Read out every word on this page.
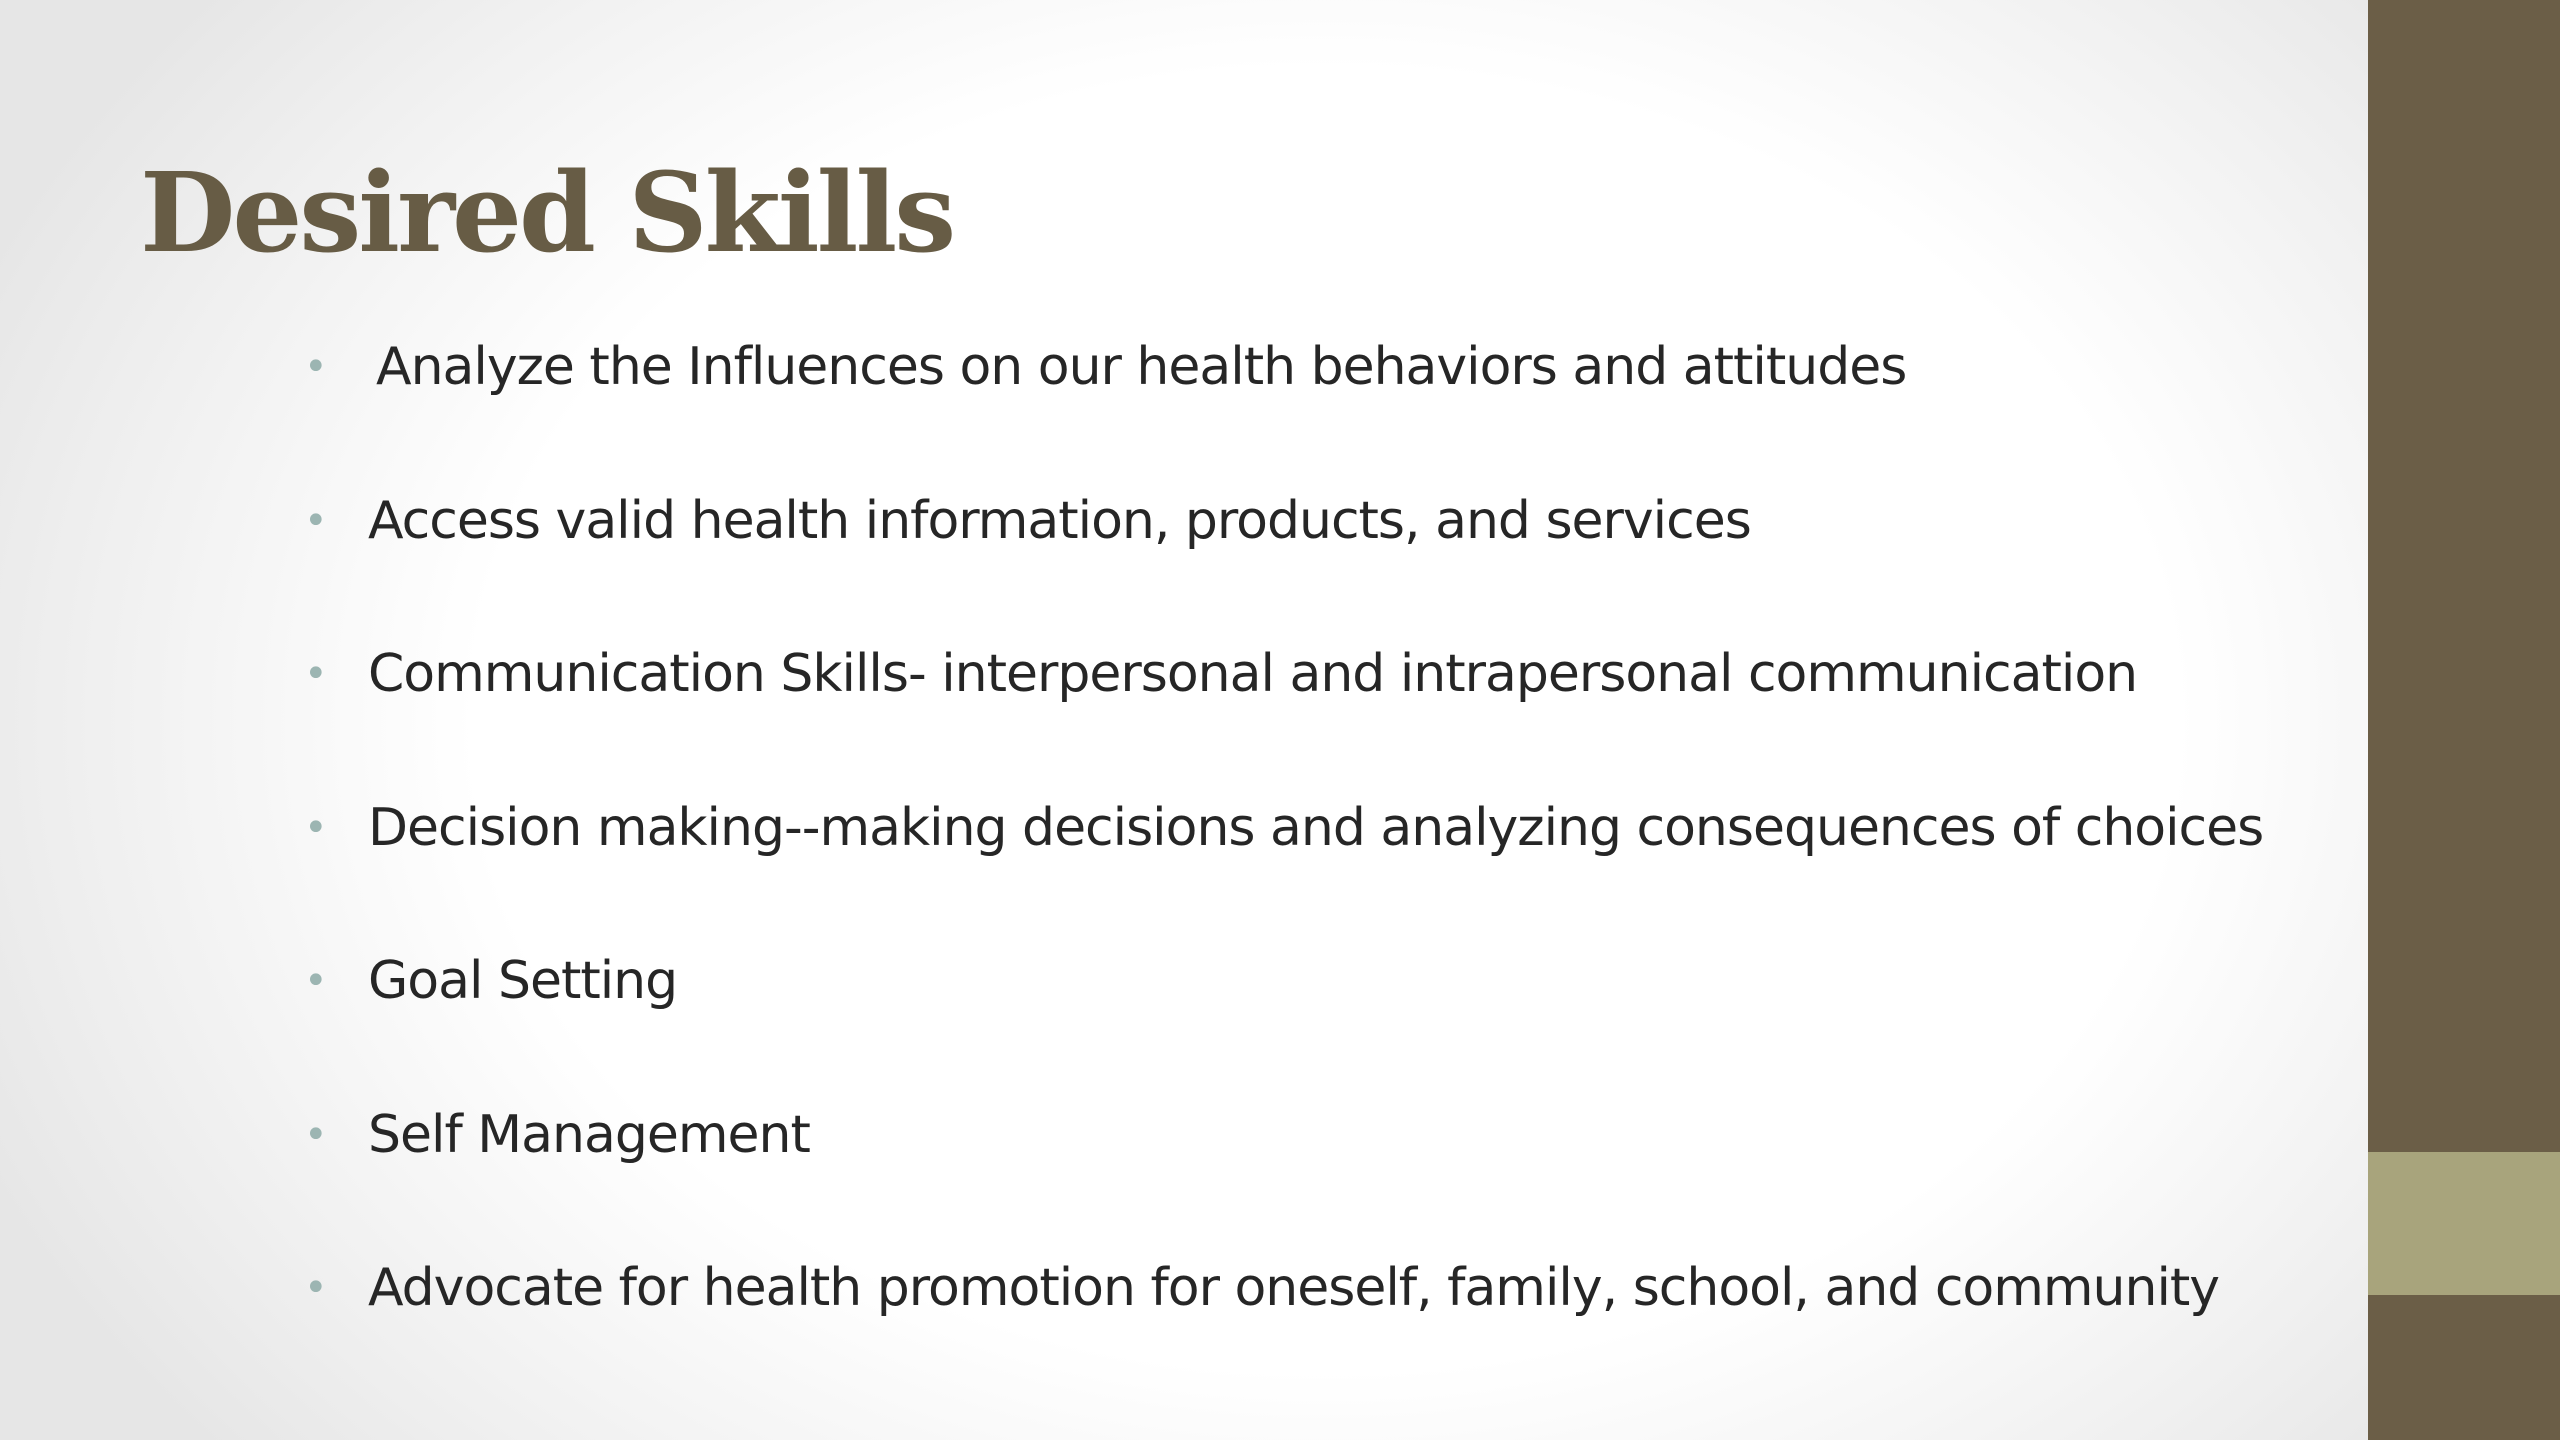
Desired Skills
• Analyze the Influences on our health behaviors and attitudes
• Access valid health information, products, and services
• Communication Skills- interpersonal and intrapersonal communication
• Decision making--making decisions and analyzing consequences of choices
• Goal Setting
• Self Management
• Advocate for health promotion for oneself, family, school, and community
